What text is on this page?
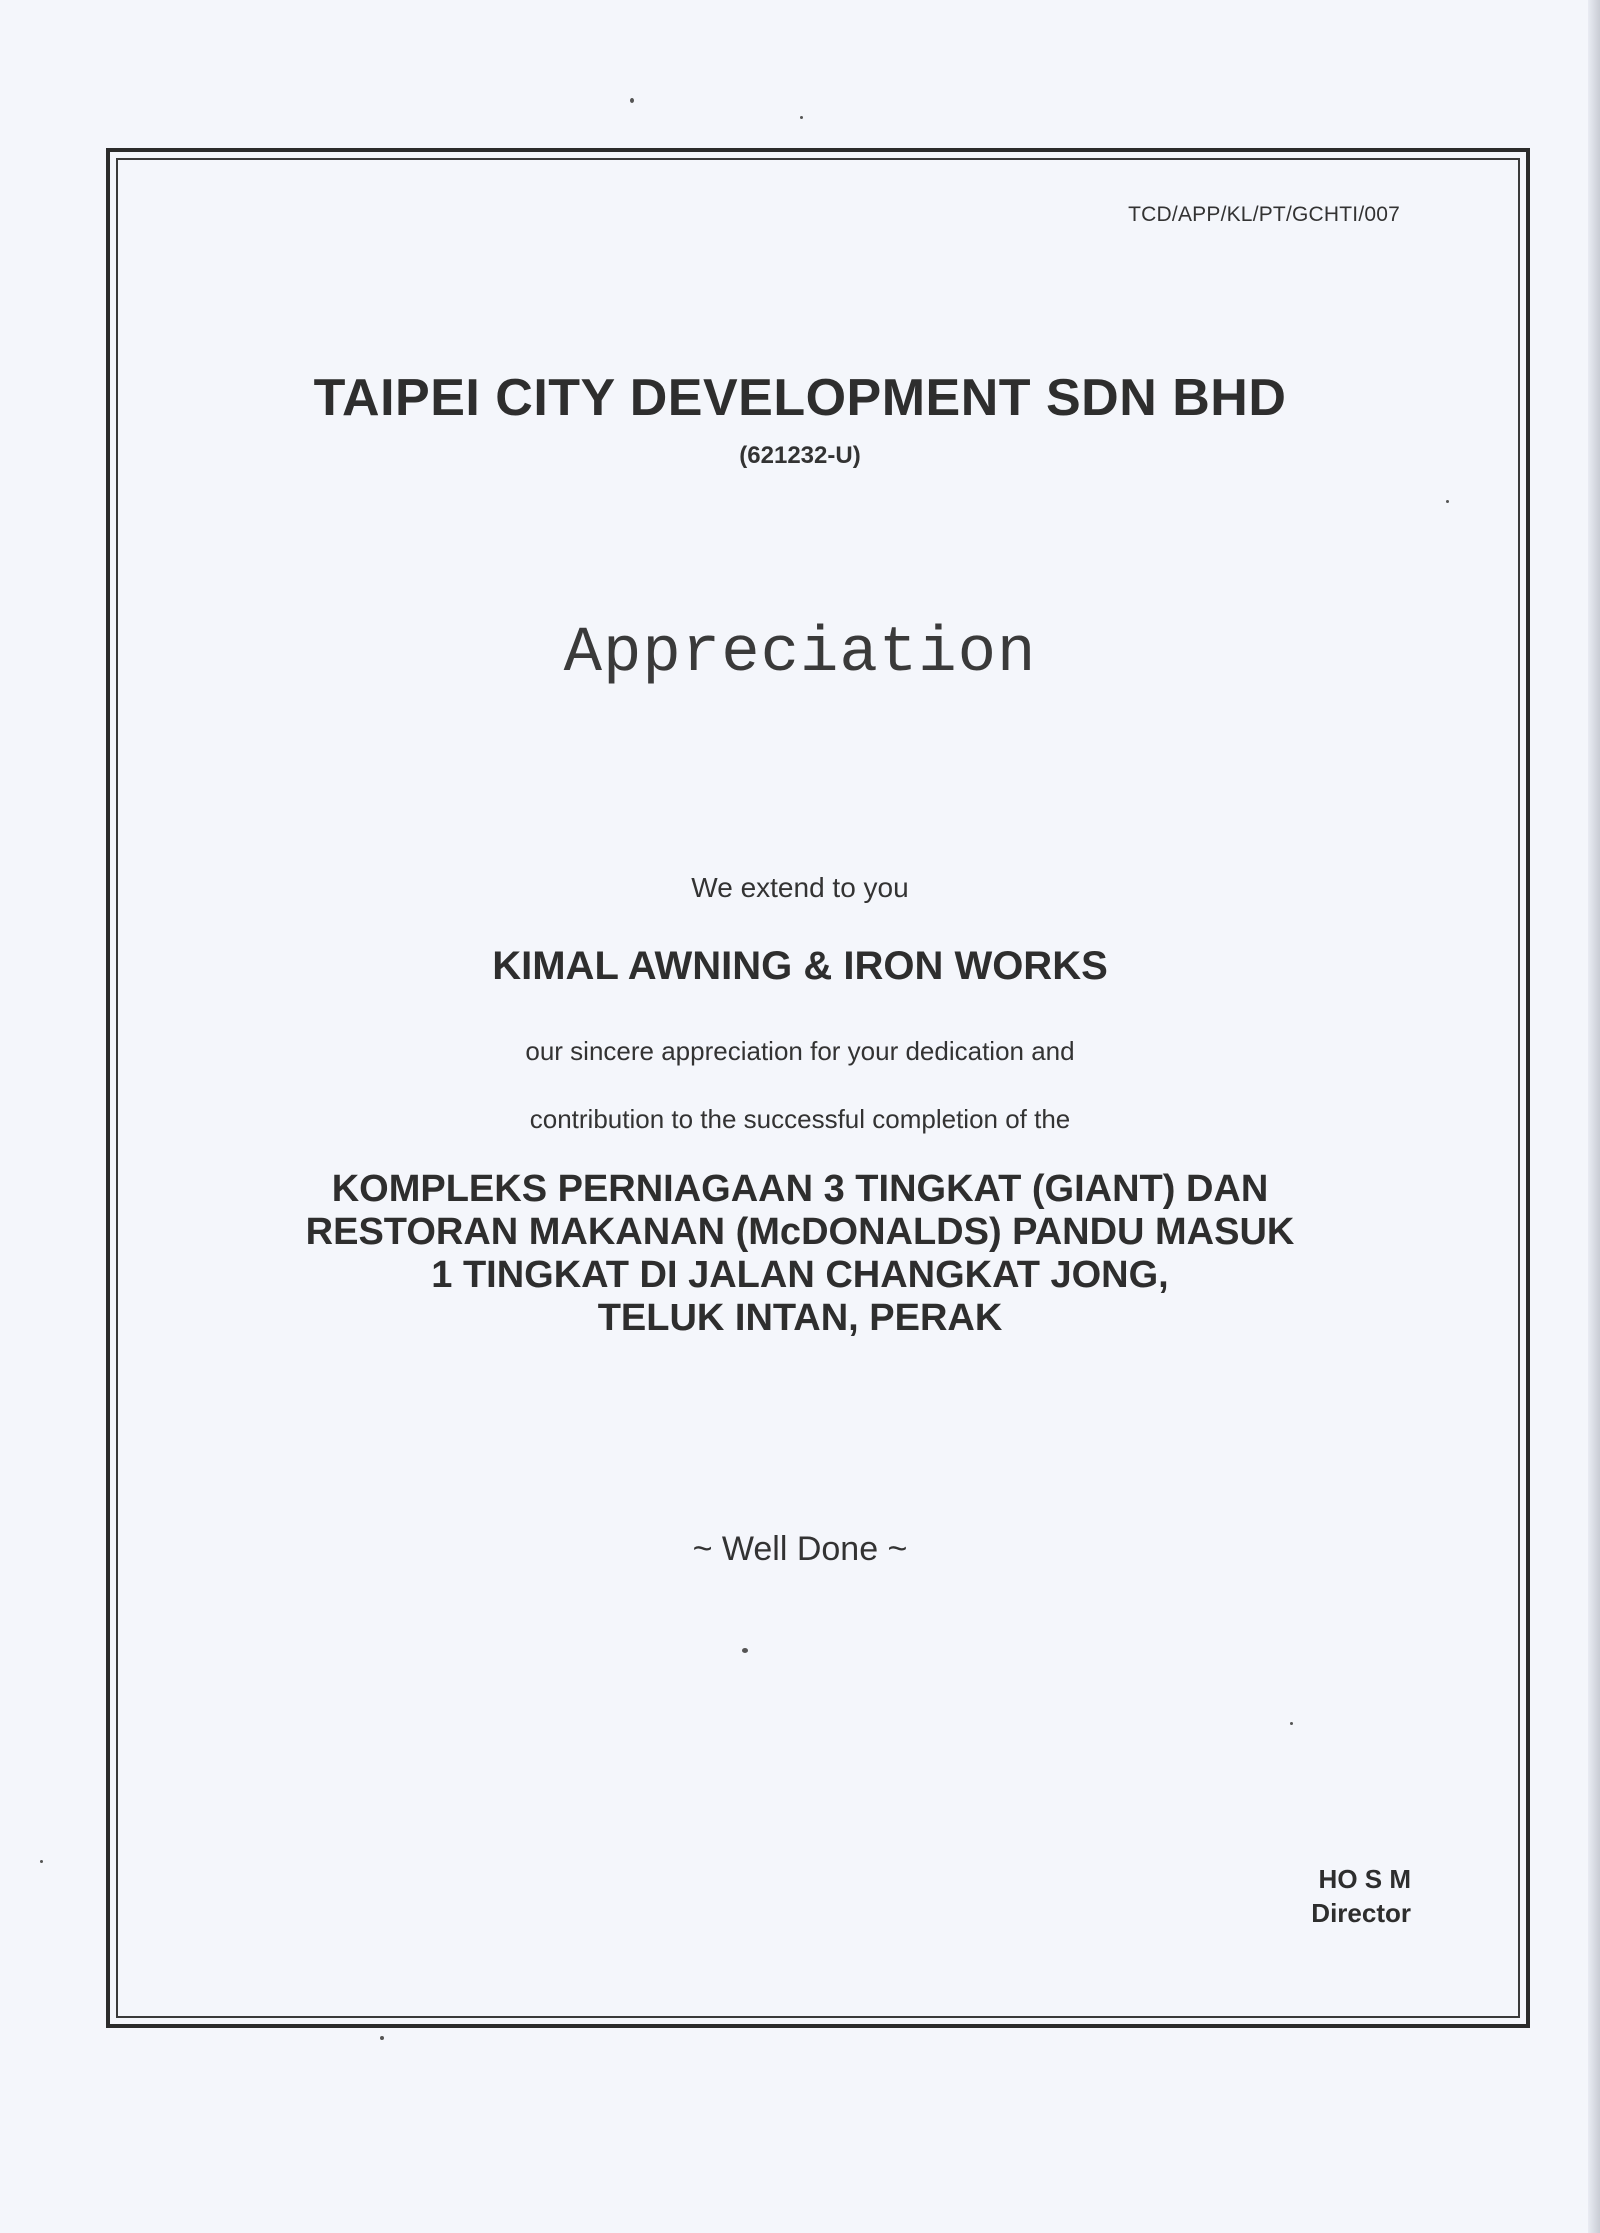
TCD/APP/KL/PT/GCHTI/007
TAIPEI CITY DEVELOPMENT SDN BHD
(621232-U)
Appreciation
We extend to you
KIMAL AWNING & IRON WORKS
our sincere appreciation for your dedication and
contribution to the successful completion of the
KOMPLEKS PERNIAGAAN 3 TINGKAT (GIANT) DAN
RESTORAN MAKANAN (McDONALDS) PANDU MASUK
1 TINGKAT DI JALAN CHANGKAT JONG,
TELUK INTAN, PERAK
~ Well Done ~
HO S M
Director
